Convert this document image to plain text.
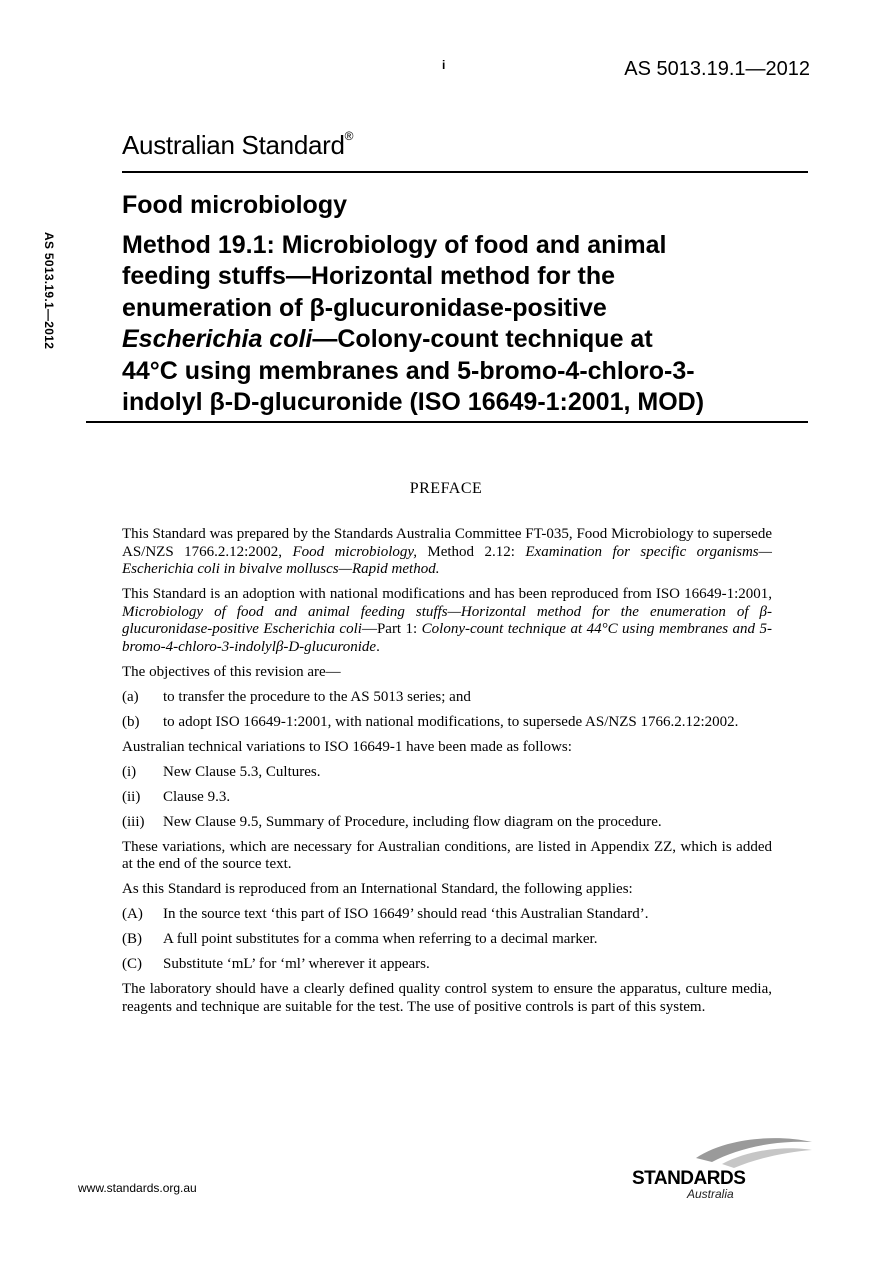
i	AS 5013.19.1—2012
AS 5013.19.1—2012
Australian Standard®
Food microbiology
Method 19.1: Microbiology of food and animal
feeding stuffs—Horizontal method for the
enumeration of β-glucuronidase-positive
Escherichia coli—Colony-count technique at
44°C using membranes and 5-bromo-4-chloro-3-
indolyl β-D-glucuronide (ISO 16649-1:2001, MOD)
PREFACE

This Standard was prepared by the Standards Australia Committee FT-035, Food Microbiology to supersede AS/NZS 1766.2.12:2002, Food microbiology, Method 2.12: Examination for specific organisms—Escherichia coli in bivalve molluscs—Rapid method.

This Standard is an adoption with national modifications and has been reproduced from ISO 16649-1:2001, Microbiology of food and animal feeding stuffs—Horizontal method for the enumeration of β-glucuronidase-positive Escherichia coli—Part 1: Colony-count technique at 44°C using membranes and 5-bromo-4-chloro-3-indolylβ-D-glucuronide.

The objectives of this revision are—

(a)	to transfer the procedure to the AS 5013 series; and
(b)	to adopt ISO 16649-1:2001, with national modifications, to supersede AS/NZS 1766.2.12:2002.

Australian technical variations to ISO 16649-1 have been made as follows:

(i)	New Clause 5.3, Cultures.
(ii)	Clause 9.3.
(iii)	New Clause 9.5, Summary of Procedure, including flow diagram on the procedure.

These variations, which are necessary for Australian conditions, are listed in Appendix ZZ, which is added at the end of the source text.

As this Standard is reproduced from an International Standard, the following applies:

(A)	In the source text ‘this part of ISO 16649’ should read ‘this Australian Standard’.
(B)	A full point substitutes for a comma when referring to a decimal marker.
(C)	Substitute ‘mL’ for ‘ml’ wherever it appears.

The laboratory should have a clearly defined quality control system to ensure the apparatus, culture media, reagents and technique are suitable for the test. The use of positive controls is part of this system.

www.standards.org.au	STANDARDS
Australia
